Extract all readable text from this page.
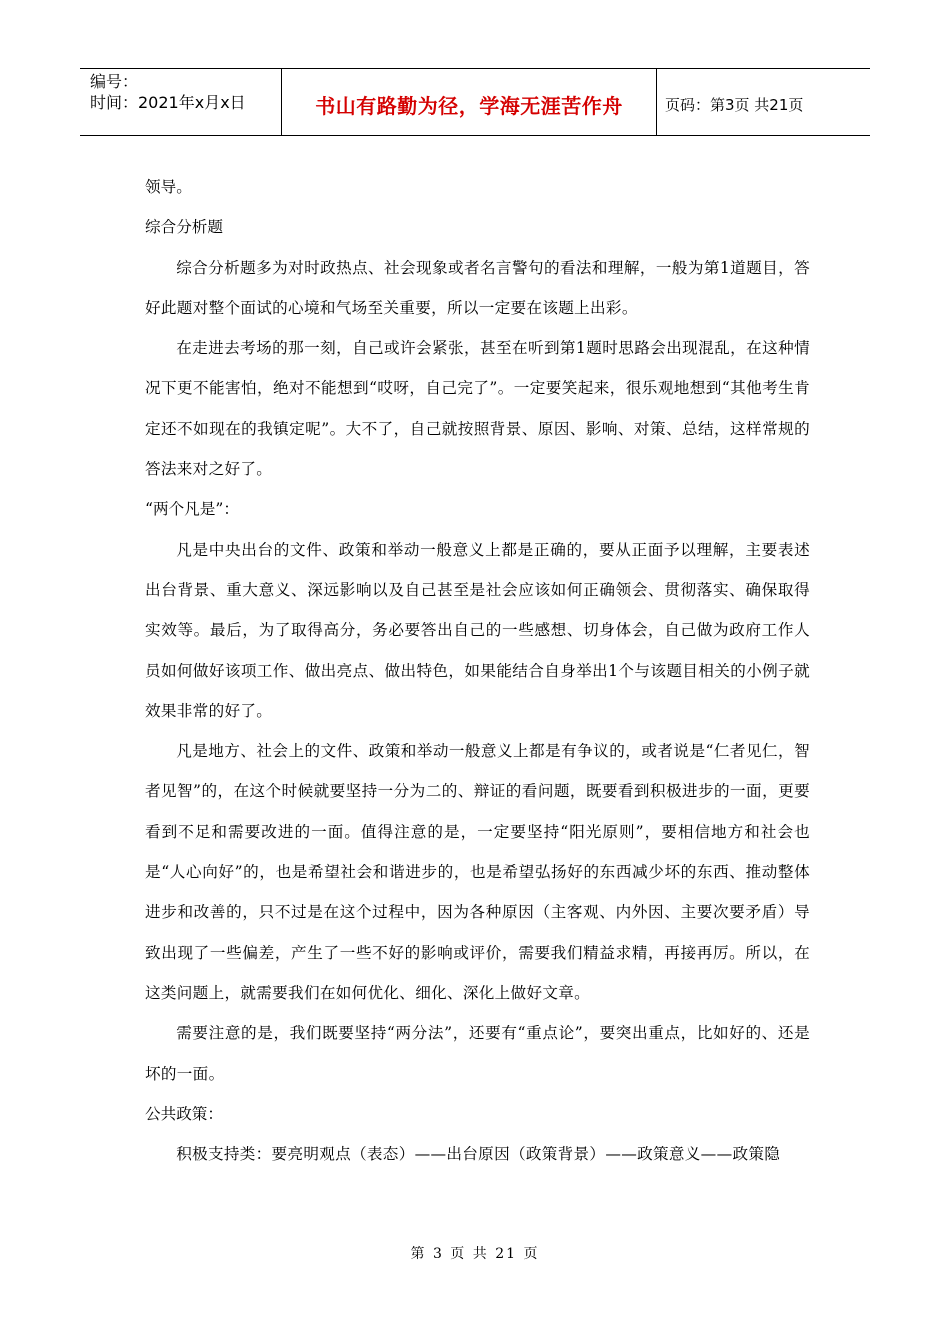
编号：
时间：2021年x月x日	书山有路勤为径，学海无涯苦作舟	页码：第3页 共21页

领导。

综合分析题

综合分析题多为对时政热点、社会现象或者名言警句的看法和理解，一般为第1道题目，答好此题对整个面试的心境和气场至关重要，所以一定要在该题上出彩。

在走进去考场的那一刻，自己或许会紧张，甚至在听到第1题时思路会出现混乱，在这种情况下更不能害怕，绝对不能想到“哎呀，自己完了”。一定要笑起来，很乐观地想到“其他考生肯定还不如现在的我镇定呢”。大不了，自己就按照背景、原因、影响、对策、总结，这样常规的答法来对之好了。

“两个凡是”：

凡是中央出台的文件、政策和举动一般意义上都是正确的，要从正面予以理解，主要表述出台背景、重大意义、深远影响以及自己甚至是社会应该如何正确领会、贯彻落实、确保取得实效等。最后，为了取得高分，务必要答出自己的一些感想、切身体会，自己做为政府工作人员如何做好该项工作、做出亮点、做出特色，如果能结合自身举出1个与该题目相关的小例子就效果非常的好了。

凡是地方、社会上的文件、政策和举动一般意义上都是有争议的，或者说是“仁者见仁，智者见智”的，在这个时候就要坚持一分为二的、辩证的看问题，既要看到积极进步的一面，更要看到不足和需要改进的一面。值得注意的是，一定要坚持“阳光原则”，要相信地方和社会也是“人心向好”的，也是希望社会和谐进步的，也是希望弘扬好的东西减少坏的东西、推动整体进步和改善的，只不过是在这个过程中，因为各种原因（主客观、内外因、主要次要矛盾）导致出现了一些偏差，产生了一些不好的影响或评价，需要我们精益求精，再接再厉。所以，在这类问题上，就需要我们在如何优化、细化、深化上做好文章。

需要注意的是，我们既要坚持“两分法”，还要有“重点论”，要突出重点，比如好的、还是坏的一面。

公共政策：

积极支持类：要亮明观点（表态）——出台原因（政策背景）——政策意义——政策隐

第 3 页 共 21 页
